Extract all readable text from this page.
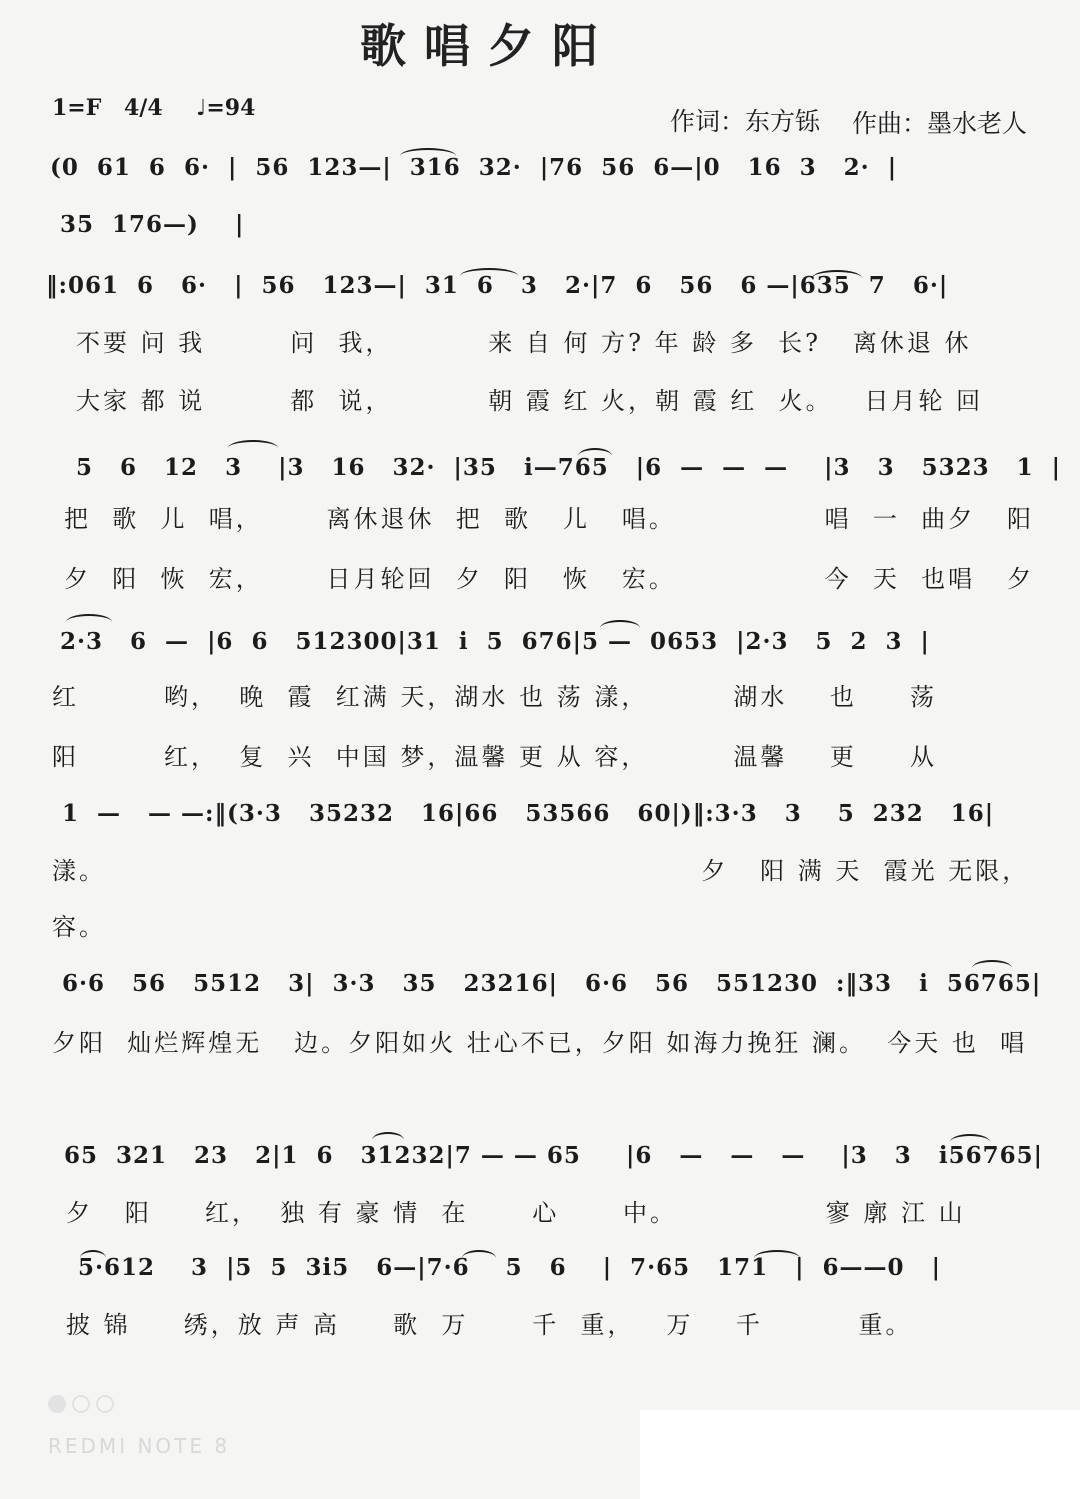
歌唱夕阳
1=F 4/4 ♩=94	作词：东方铄 作曲：墨水老人
(0  61  6  6·  |  56  123—|  316  32·  |76  56  6—|0   16  3   2·  |
35  176—)    |
‖:061  6   6·   |  56   123—|  31  6   3   2·|7  6   56   6 —|635  7   6·|
不要 问 我        问  我，         来 自 何 方? 年 龄 多  长?   离休退 休
大家 都 说        都  说，         朝 霞 红 火，朝 霞 红  火。   日月轮 回
5   6   12   3    |3   16   32·  |35   i—765   |6  —  —  —    |3   3   5323   1  |
把  歌  儿  唱，      离休退休  把  歌   儿   唱。              唱  一  曲夕   阳
夕  阳  恢  宏，      日月轮回  夕  阳   恢   宏。              今  天  也唱   夕
2·3   6  —  |6  6   512300|31  i  5  676|5 —  0653  |2·3   5  2  3  |
红        哟，  晚  霞  红满 天，湖水 也 荡 漾，        湖水    也     荡
阳        红，  复  兴  中国 梦，温馨 更 从 容，        温馨    更     从
1  —   — —:‖(3·3   35232   16|66   53566   60|)‖:3·3   3    5  232   16|
漾。                                                        夕   阳 满 天  霞光 无限，
容。
6·6   56   5512   3|  3·3   35   23216|   6·6   56   551230  :‖33   i  56765|
夕阳  灿烂辉煌无   边。夕阳如火 壮心不已，夕阳 如海力挽狂 澜。  今天 也  唱
65  321   23   2|1  6   31232|7 — — 65     |6   —   —   —    |3   3   i56765|
夕   阳     红，  独 有 豪 情  在      心      中。              寥 廓 江 山
5·612    3  |5  5  3i5   6—|7·6    5   6    |  7·65   171   |  6——0   |
披 锦     绣，放 声 高     歌  万      千  重，   万    千         重。
REDMI NOTE 8
